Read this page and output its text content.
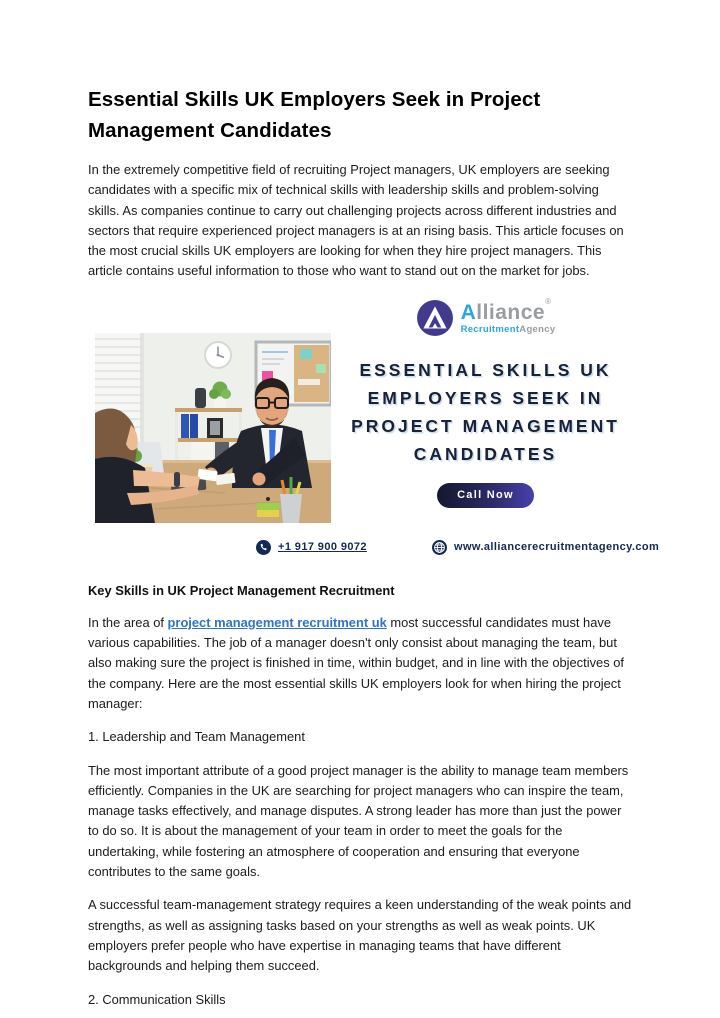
Essential Skills UK Employers Seek in Project Management Candidates

In the extremely competitive field of recruiting Project managers, UK employers are seeking candidates with a specific mix of technical skills with leadership skills and problem-solving skills. As companies continue to carry out challenging projects across different industries and sectors that require experienced project managers is at an rising basis. This article focuses on the most crucial skills UK employers are looking for when they hire project managers. This article contains useful information to those who want to stand out on the market for jobs.

Alliance®
RecruitmentAgency
ESSENTIAL SKILLS UK
EMPLOYERS SEEK IN
PROJECT MANAGEMENT
CANDIDATES
Call Now
+1 917 900 9072	www.alliancerecruitmentagency.com
Key Skills in UK Project Management Recruitment

In the area of project management recruitment uk most successful candidates must have various capabilities. The job of a manager doesn't only consist about managing the team, but also making sure the project is finished in time, within budget, and in line with the objectives of the company. Here are the most essential skills UK employers look for when hiring the project manager:

1. Leadership and Team Management

The most important attribute of a good project manager is the ability to manage team members efficiently. Companies in the UK are searching for project managers who can inspire the team, manage tasks effectively, and manage disputes. A strong leader has more than just the power to do so. It is about the management of your team in order to meet the goals for the undertaking, while fostering an atmosphere of cooperation and ensuring that everyone contributes to the same goals.

A successful team-management strategy requires a keen understanding of the weak points and strengths, as well as assigning tasks based on your strengths as well as weak points. UK employers prefer people who have expertise in managing teams that have different backgrounds and helping them succeed.

2. Communication Skills
